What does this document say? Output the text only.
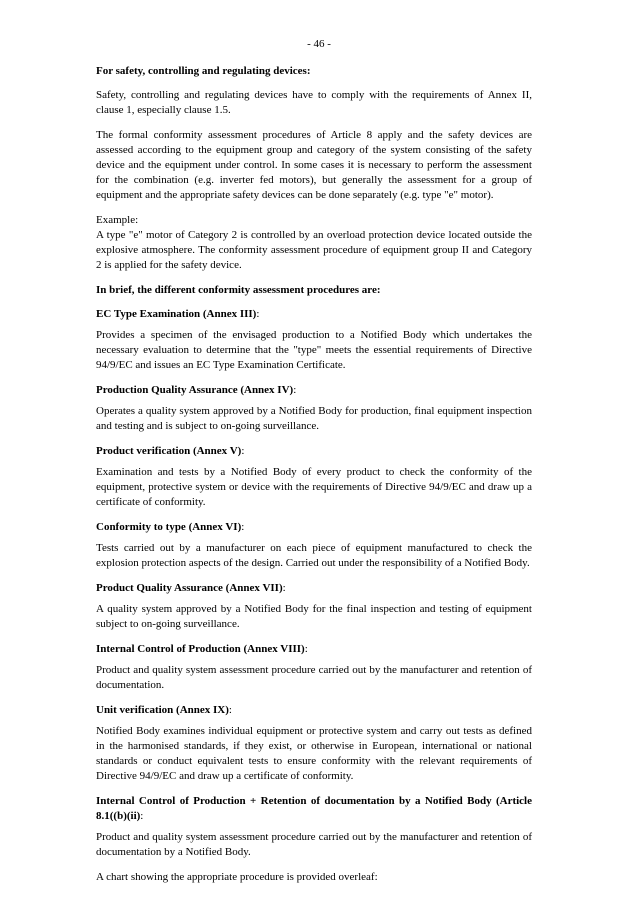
- 46 -

For safety, controlling and regulating devices:

Safety, controlling and regulating devices have to comply with the requirements of Annex II, clause 1, especially clause 1.5.

The formal conformity assessment procedures of Article 8 apply and the safety devices are assessed according to the equipment group and category of the system consisting of the safety device and the equipment under control. In some cases it is necessary to perform the assessment for the combination (e.g. inverter fed motors), but generally the assessment for a group of equipment and the appropriate safety devices can be done separately (e.g. type "e" motor).

Example:

A type "e" motor of Category 2 is controlled by an overload protection device located outside the explosive atmosphere. The conformity assessment procedure of equipment group II and Category 2 is applied for the safety device.

In brief, the different conformity assessment procedures are:

EC Type Examination (Annex III):

Provides a specimen of the envisaged production to a Notified Body which undertakes the necessary evaluation to determine that the "type" meets the essential requirements of Directive 94/9/EC and issues an EC Type Examination Certificate.

Production Quality Assurance (Annex IV):

Operates a quality system approved by a Notified Body for production, final equipment inspection and testing and is subject to on-going surveillance.

Product verification (Annex V):

Examination and tests by a Notified Body of every product to check the conformity of the equipment, protective system or device with the requirements of Directive 94/9/EC and draw up a certificate of conformity.

Conformity to type (Annex VI):

Tests carried out by a manufacturer on each piece of equipment manufactured to check the explosion protection aspects of the design. Carried out under the responsibility of a Notified Body.

Product Quality Assurance (Annex VII):

A quality system approved by a Notified Body for the final inspection and testing of equipment subject to on-going surveillance.

Internal Control of Production (Annex VIII):

Product and quality system assessment procedure carried out by the manufacturer and retention of documentation.

Unit verification (Annex IX):

Notified Body examines individual equipment or protective system and carry out tests as defined in the harmonised standards, if they exist, or otherwise in European, international or national standards or conduct equivalent tests to ensure conformity with the relevant requirements of Directive 94/9/EC and draw up a certificate of conformity.

Internal Control of Production + Retention of documentation by a Notified Body (Article 8.1((b)(ii):

Product and quality system assessment procedure carried out by the manufacturer and retention of documentation by a Notified Body.

A chart showing the appropriate procedure is provided overleaf:
